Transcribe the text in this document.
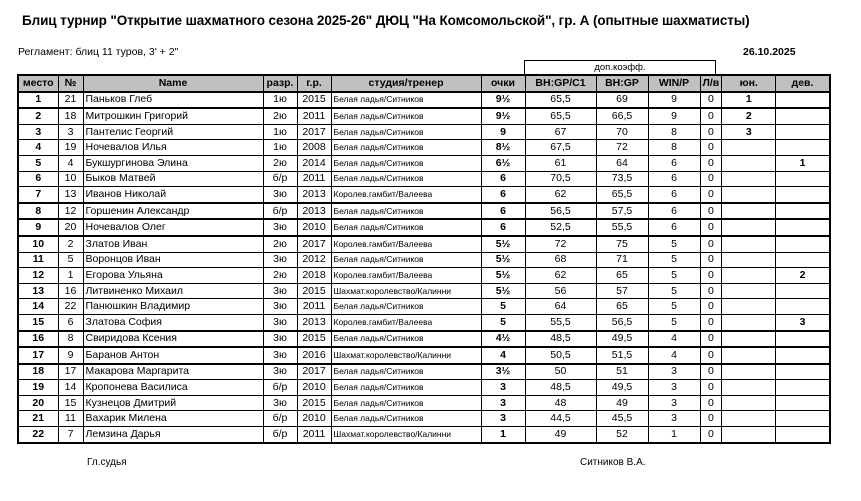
Блиц турнир "Открытие шахматного сезона 2025-26" ДЮЦ "На Комсомольской", гр. А (опытные шахматисты)
Регламент: блиц 11 туров, 3' + 2"	26.10.2025
доп.коэфф.
место	№	Name	разр.	г.р.	студия/тренер	очки	BH:GP/C1	BH:GP	WIN/P	Л/в	юн.	дев.
1	21	Паньков Глеб	1ю	2015	Белая ладья/Ситников	9½	65,5	69	9	0	1	
2	18	Митрошкин Григорий	2ю	2011	Белая ладья/Ситников	9½	65,5	66,5	9	0	2	
3	3	Пантелис Георгий	1ю	2017	Белая ладья/Ситников	9	67	70	8	0	3	
4	19	Ночевалов Илья	1ю	2008	Белая ладья/Ситников	8½	67,5	72	8	0		
5	4	Букшургинова Элина	2ю	2014	Белая ладья/Ситников	6½	61	64	6	0		1
6	10	Быков Матвей	б/р	2011	Белая ладья/Ситников	6	70,5	73,5	6	0		
7	13	Иванов Николай	3ю	2013	Королев.гамбит/Валеева	6	62	65,5	6	0		
8	12	Горшенин Александр	б/р	2013	Белая ладья/Ситников	6	56,5	57,5	6	0		
9	20	Ночевалов Олег	3ю	2010	Белая ладья/Ситников	6	52,5	55,5	6	0		
10	2	Златов Иван	2ю	2017	Королев.гамбит/Валеева	5½	72	75	5	0		
11	5	Воронцов Иван	3ю	2012	Белая ладья/Ситников	5½	68	71	5	0		
12	1	Егорова Ульяна	2ю	2018	Королев.гамбит/Валеева	5½	62	65	5	0		2
13	16	Литвиненко Михаил	3ю	2015	Шахмат.королевство/Калинни	5½	56	57	5	0		
14	22	Панюшкин Владимир	3ю	2011	Белая ладья/Ситников	5	64	65	5	0		
15	6	Златова София	3ю	2013	Королев.гамбит/Валеева	5	55,5	56,5	5	0		3
16	8	Свиридова Ксения	3ю	2015	Белая ладья/Ситников	4½	48,5	49,5	4	0		
17	9	Баранов Антон	3ю	2016	Шахмат.королевство/Калинни	4	50,5	51,5	4	0		
18	17	Макарова Маргарита	3ю	2017	Белая ладья/Ситников	3½	50	51	3	0		
19	14	Кропонева Василиса	б/р	2010	Белая ладья/Ситников	3	48,5	49,5	3	0		
20	15	Кузнецов Дмитрий	3ю	2015	Белая ладья/Ситников	3	48	49	3	0		
21	11	Вахарик Милена	б/р	2010	Белая ладья/Ситников	3	44,5	45,5	3	0		
22	7	Лемзина Дарья	б/р	2011	Шахмат.королевство/Калинни	1	49	52	1	0		
Гл.судья	Ситников В.А.
